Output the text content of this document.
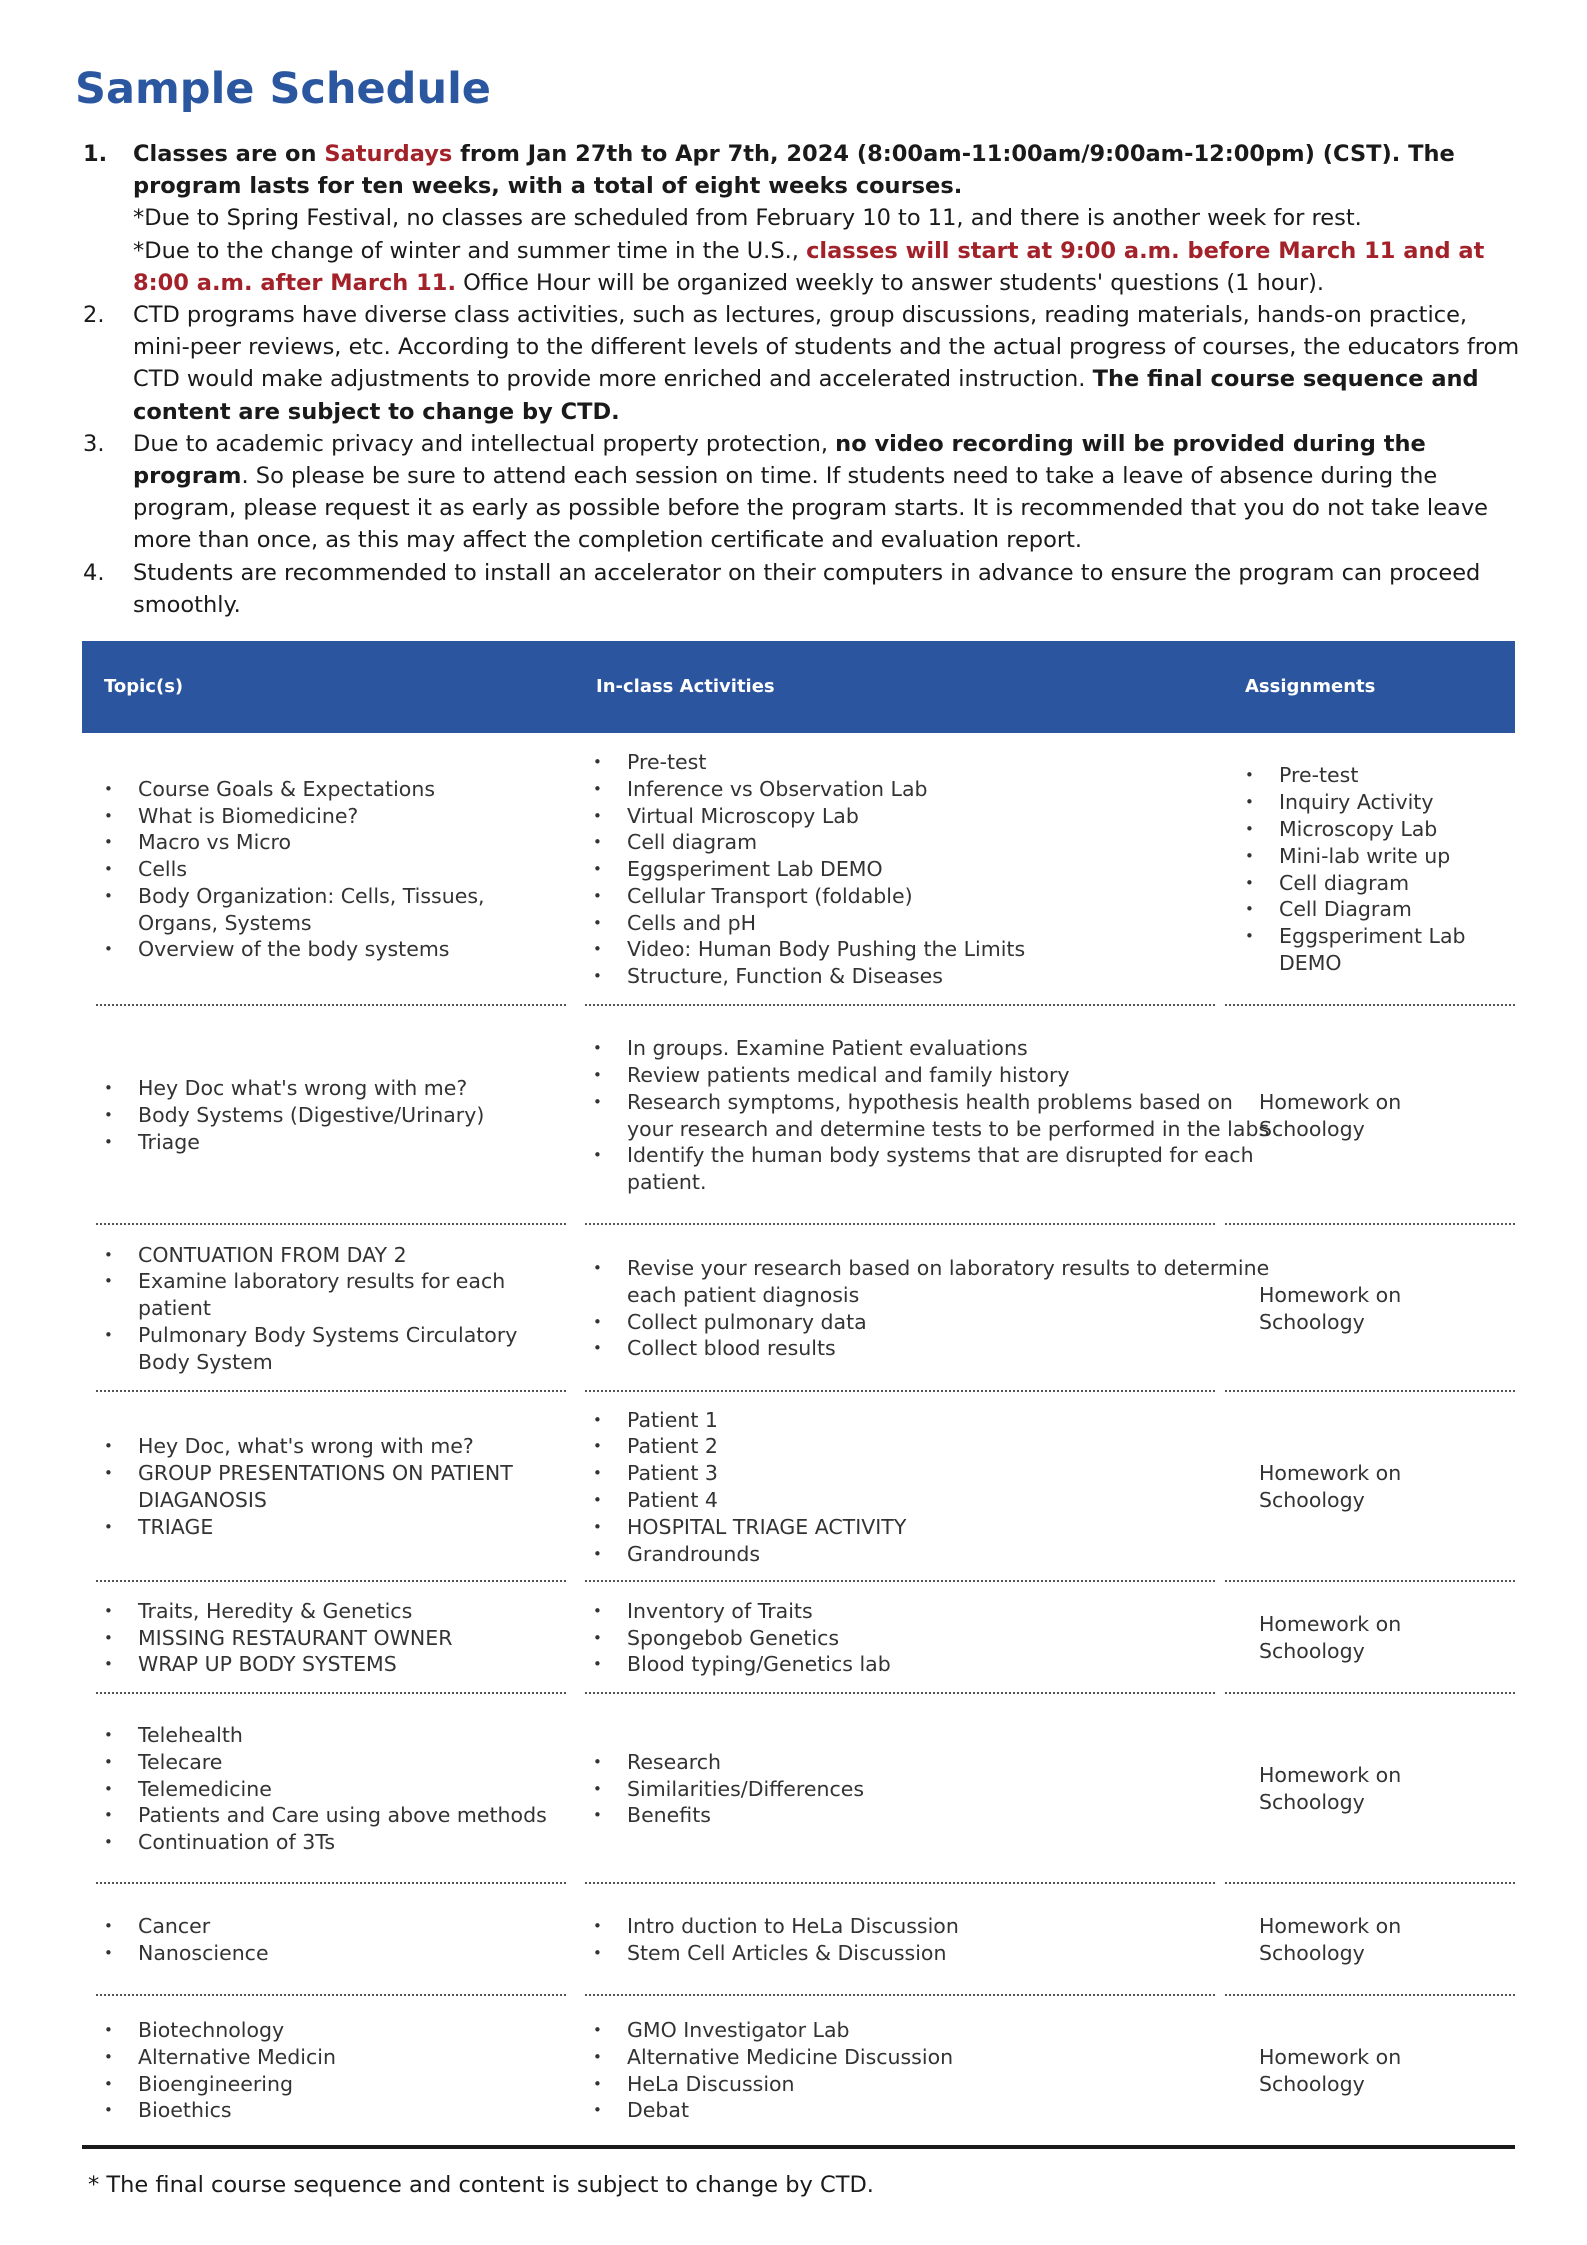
Sample Schedule
1. Classes are on Saturdays from Jan 27th to Apr 7th, 2024 (8:00am-11:00am/9:00am-12:00pm) (CST). The program lasts for ten weeks, with a total of eight weeks courses.
*Due to Spring Festival, no classes are scheduled from February 10 to 11, and there is another week for rest.
*Due to the change of winter and summer time in the U.S., classes will start at 9:00 a.m. before March 11 and at 8:00 a.m. after March 11. Office Hour will be organized weekly to answer students' questions (1 hour).
2. CTD programs have diverse class activities, such as lectures, group discussions, reading materials, hands-on practice, mini-peer reviews, etc. According to the different levels of students and the actual progress of courses, the educators from CTD would make adjustments to provide more enriched and accelerated instruction. The final course sequence and content are subject to change by CTD.
3. Due to academic privacy and intellectual property protection, no video recording will be provided during the program. So please be sure to attend each session on time. If students need to take a leave of absence during the program, please request it as early as possible before the program starts. It is recommended that you do not take leave more than once, as this may affect the completion certificate and evaluation report.
4. Students are recommended to install an accelerator on their computers in advance to ensure the program can proceed smoothly.
Topic(s)	In-class Activities	Assignments
• Course Goals & Expectations
• What is Biomedicine?
• Macro vs Micro
• Cells
• Body Organization: Cells, Tissues, Organs, Systems
• Overview of the body systems
• Pre-test
• Inference vs Observation Lab
• Virtual Microscopy Lab
• Cell diagram
• Eggsperiment Lab DEMO
• Cellular Transport (foldable)
• Cells and pH
• Video: Human Body Pushing the Limits
• Structure, Function & Diseases
• Pre-test
• Inquiry Activity
• Microscopy Lab
• Mini-lab write up
• Cell diagram
• Cell Diagram
• Eggsperiment Lab DEMO
• Hey Doc what's wrong with me?
• Body Systems (Digestive/Urinary)
• Triage
• In groups. Examine Patient evaluations
• Review patients medical and family history
• Research symptoms, hypothesis health problems based on your research and determine tests to be performed in the labs
• Identify the human body systems that are disrupted for each patient.
Homework on Schoology
• CONTUATION FROM DAY 2
• Examine laboratory results for each patient
• Pulmonary Body Systems Circulatory Body System
• Revise your research based on laboratory results to determine each patient diagnosis
• Collect pulmonary data
• Collect blood results
Homework on Schoology
• Hey Doc, what's wrong with me?
• GROUP PRESENTATIONS ON PATIENT DIAGANOSIS
• TRIAGE
• Patient 1
• Patient 2
• Patient 3
• Patient 4
• HOSPITAL TRIAGE ACTIVITY
• Grandrounds
Homework on Schoology
• Traits, Heredity & Genetics
• MISSING RESTAURANT OWNER
• WRAP UP BODY SYSTEMS
• Inventory of Traits
• Spongebob Genetics
• Blood typing/Genetics lab
Homework on Schoology
• Telehealth
• Telecare
• Telemedicine
• Patients and Care using above methods
• Continuation of 3Ts
• Research
• Similarities/Differences
• Benefits
Homework on Schoology
• Cancer
• Nanoscience
• Intro duction to HeLa Discussion
• Stem Cell Articles & Discussion
Homework on Schoology
• Biotechnology
• Alternative Medicin
• Bioengineering
• Bioethics
• GMO Investigator Lab
• Alternative Medicine Discussion
• HeLa Discussion
• Debat
Homework on Schoology
* The final course sequence and content is subject to change by CTD.
